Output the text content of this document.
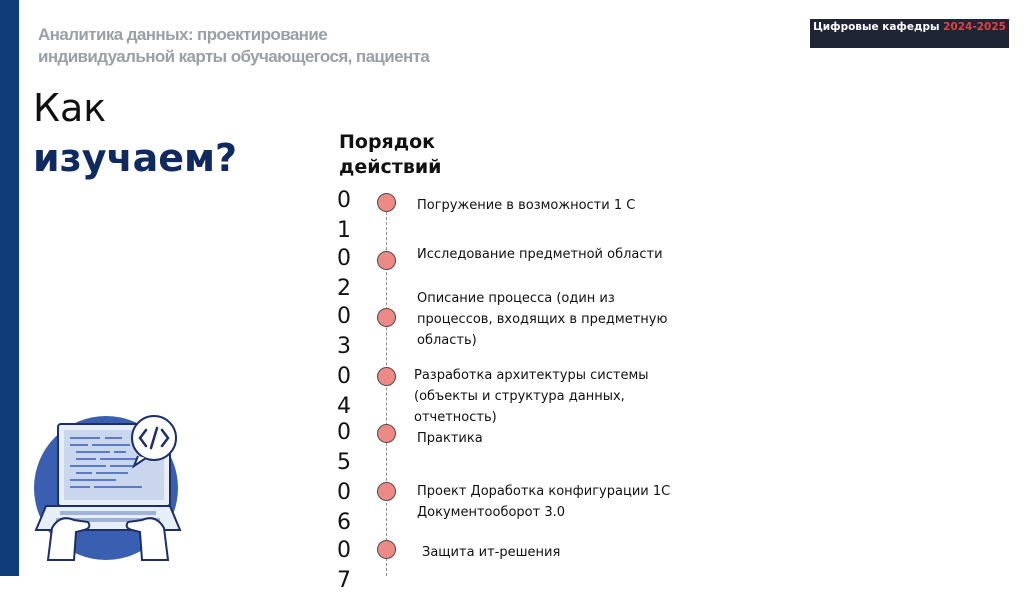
Аналитика данных: проектирование индивидуальной карты обучающегося, пациента
Цифровые кафедры 2024-2025
Как
изучаем?	Порядок действий
0
1
Погружение в возможности 1 С
0
2
Исследование предметной области
0
3
Описание процесса (один из процессов, входящих в предметную область)
0
4
Разработка архитектуры системы (объекты и структура данных, отчетность)
0
5
Практика
0
6
Проект Доработка конфигурации 1С Документооборот 3.0
0
7
Защита ит-решения
